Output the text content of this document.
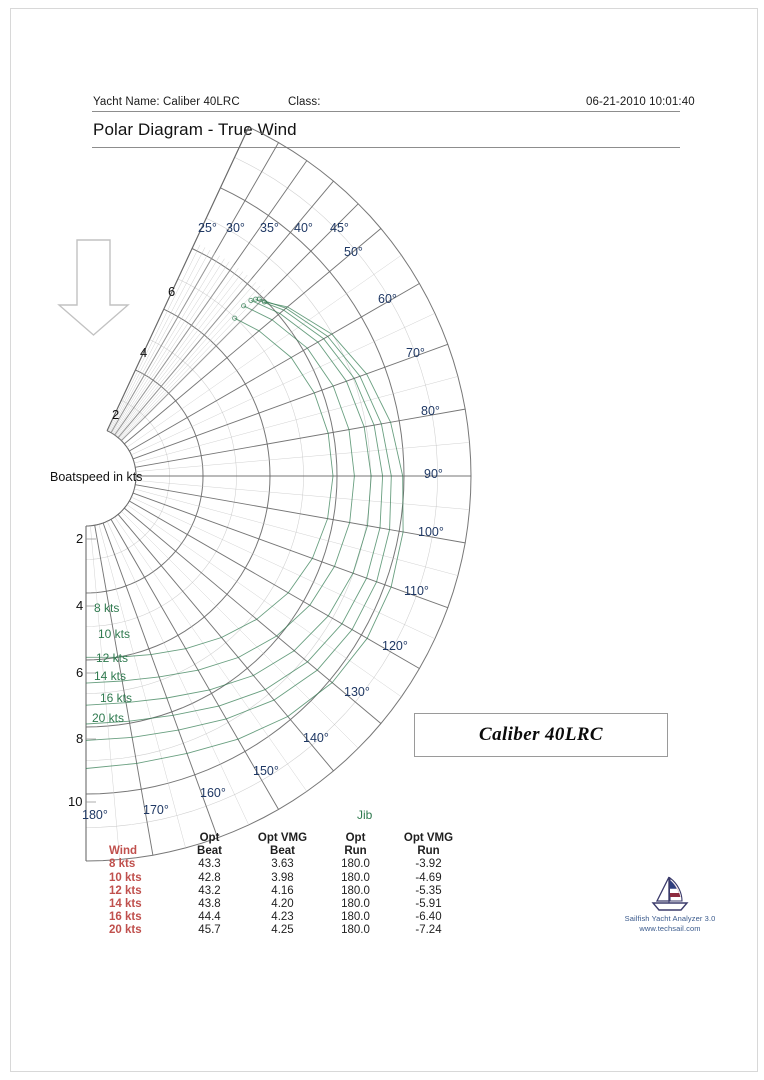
Yacht Name: Caliber 40LRC	Class:	06-21-2010 10:01:40
Polar Diagram - True Wind
25° 30° 35° 40° 45°
50°
60°
70°
80°
90°
100°
110°
120°
130°
140°
150°
160°
170°
180°
2
4
6
2
4
6
8
10
Boatspeed in kts
8 kts
10 kts
12 kts
14 kts
16 kts
20 kts
Jib
Caliber 40LRC
	Opt	Opt VMG	Opt	Opt VMG
Wind	Beat	Beat	Run	Run
8 kts	43.3	3.63	180.0	-3.92
10 kts	42.8	3.98	180.0	-4.69
12 kts	43.2	4.16	180.0	-5.35
14 kts	43.8	4.20	180.0	-5.91
16 kts	44.4	4.23	180.0	-6.40
20 kts	45.7	4.25	180.0	-7.24
Sailfish Yacht Analyzer 3.0
www.techsail.com
